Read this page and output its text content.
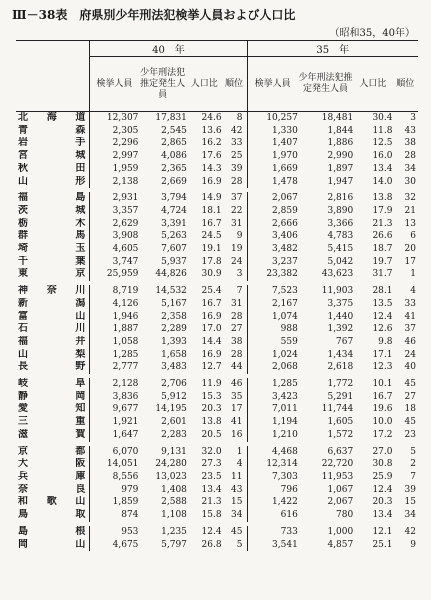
Ⅲ－38表　府県別少年刑法犯検挙人員および人口比
（昭和35，40年）
	40　年				35　年			
	検挙人員	少年刑法犯推定発生人員	人口比	順位	検挙人員	少年刑法犯推定発生人員	人口比	順位
北海道	12,307	17,831	24.6	8	10,257	18,481	30.4	3
青森	2,305	2,545	13.6	42	1,330	1,844	11.8	43
岩手	2,296	2,865	16.2	33	1,407	1,886	12.5	38
宮城	2,997	4,086	17.6	25	1,970	2,990	16.0	28
秋田	1,959	2,365	14.3	39	1,669	1,897	13.4	34
山形	2,138	2,669	16.9	28	1,478	1,947	14.0	30

福島	2,931	3,794	14.9	37	2,067	2,816	13.8	32
茨城	3,357	4,724	18.1	22	2,859	3,890	17.9	21
栃木	2,629	3,391	16.7	31	2,666	3,366	21.3	13
群馬	3,908	5,263	24.5	9	3,406	4,783	26.6	6
埼玉	4,605	7,607	19.1	19	3,482	5,415	18.7	20
千葉	3,747	5,937	17.8	24	3,237	5,042	19.7	17
東京	25,959	44,826	30.9	3	23,382	43,623	31.7	1

神奈川	8,719	14,532	25.4	7	7,523	11,903	28.1	4
新潟	4,126	5,167	16.7	31	2,167	3,375	13.5	33
富山	1,946	2,358	16.9	28	1,074	1,440	12.4	41
石川	1,887	2,289	17.0	27	988	1,392	12.6	37
福井	1,058	1,393	14.4	38	559	767	9.8	46
山梨	1,285	1,658	16.9	28	1,024	1,434	17.1	24
長野	2,777	3,483	12.7	44	2,068	2,618	12.3	40

岐阜	2,128	2,706	11.9	46	1,285	1,772	10.1	45
静岡	3,836	5,912	15.3	35	3,423	5,291	16.7	27
愛知	9,677	14,195	20.3	17	7,011	11,744	19.6	18
三重	1,921	2,601	13.8	41	1,194	1,605	10.0	45
滋賀	1,647	2,283	20.5	16	1,210	1,572	17.2	23

京都	6,070	9,131	32.0	1	4,468	6,637	27.0	5
大阪	14,051	24,280	27.3	4	12,314	22,720	30.8	2
兵庫	8,556	13,023	23.5	11	7,303	11,953	25.9	7
奈良	979	1,408	13.4	43	796	1,067	12.4	39
和歌山	1,859	2,588	21.3	15	1,422	2,067	20.3	15
鳥取	874	1,108	15.8	34	616	780	13.4	34

島根	953	1,235	12.4	45	733	1,000	12.1	42
岡山	4,675	5,797	26.8	5	3,541	4,857	25.1	9
